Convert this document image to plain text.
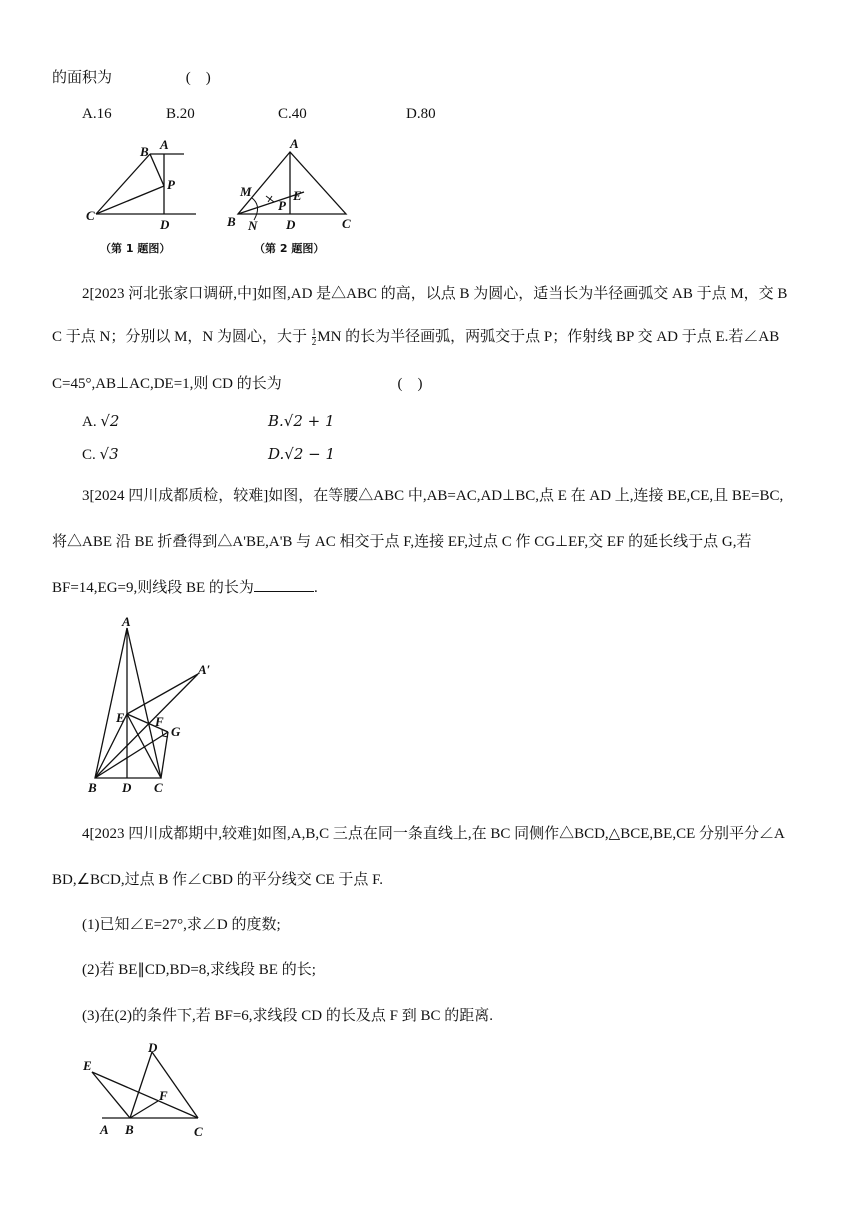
的面积为	(　)
A.16	B.20	C.40	D.80
B A
P
C
D
（第 1 题图）
A
M	E
P
B N D	C
（第 2 题图）
2[2023 河北张家口调研,中]如图,AD 是△ABC 的高，以点 B 为圆心，适当长为半径画弧交 AB 于点 M，交 B
C 于点 N；分别以 M，N 为圆心，大于 $\frac{1}{2}$ MN 的长为半径画弧，两弧交于点 P；作射线 BP 交 AD 于点 E.若∠AB
C=45°,AB⊥AC,DE=1,则 CD 的长为	(　)
A. √2	B.√2 + 1
C. √3	D.√2 − 1
3[2024 四川成都质检，较难]如图，在等腰△ABC 中,AB=AC,AD⊥BC,点 E 在 AD 上,连接 BE,CE,且 BE=BC,
将△ABE 沿 BE 折叠得到△A'BE,A'B 与 AC 相交于点 F,连接 EF,过点 C 作 CG⊥EF,交 EF 的延长线于点 G,若
BF=14,EG=9,则线段 BE 的长为	.
A
A′
E F
G
B D C
4[2023 四川成都期中,较难]如图,A,B,C 三点在同一条直线上,在 BC 同侧作△BCD,△BCE,BE,CE 分别平分∠A
BD,∠BCD,过点 B 作∠CBD 的平分线交 CE 于点 F.
(1)已知∠E=27°,求∠D 的度数;
(2)若 BE∥CD,BD=8,求线段 BE 的长;
(3)在(2)的条件下,若 BF=6,求线段 CD 的长及点 F 到 BC 的距离.
D
E
F
A B	C
